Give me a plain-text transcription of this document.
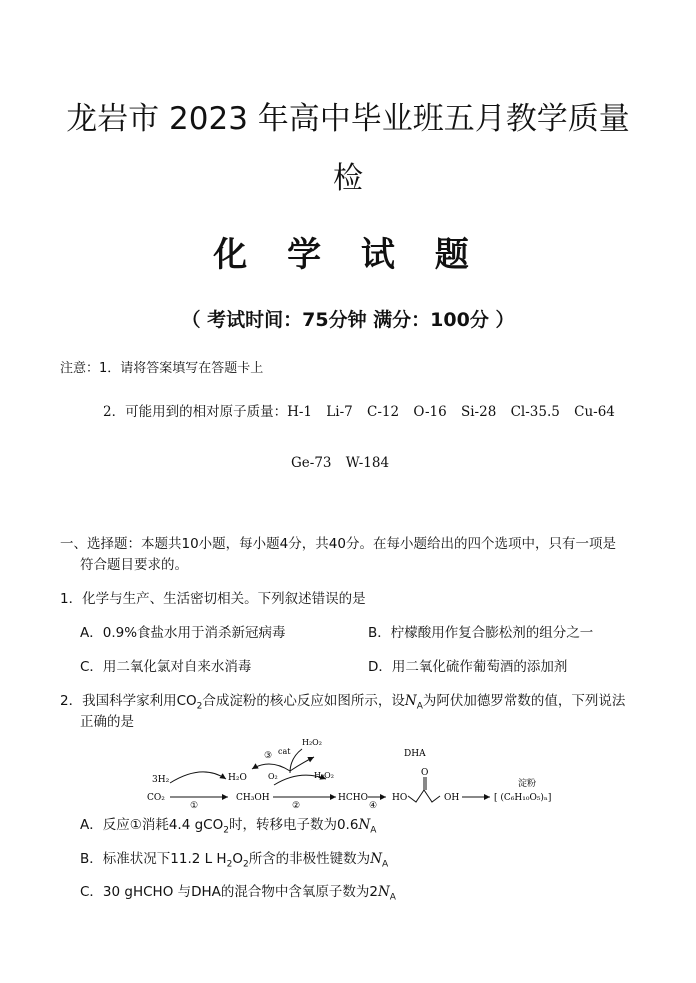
龙岩市 2023 年高中毕业班五月教学质量
检
化 学 试 题
（ 考试时间：75分钟 满分：100分 ）
注意：1．请将答案填写在答题卡上
2．可能用到的相对原子质量：H-1 Li-7 C-12 O-16 Si-28 Cl-35.5 Cu-64
Ge-73 W-184
一、选择题：本题共10小题，每小题4分，共40分。在每小题给出的四个选项中，只有一项是
符合题目要求的。
1．化学与生产、生活密切相关。下列叙述错误的是
A．0.9%食盐水用于消杀新冠病毒	B．柠檬酸用作复合膨松剂的组分之一
C．用二氧化氯对自来水消毒	D．用二氧化硫作葡萄酒的添加剂
2．我国科学家利用$CO_2$合成淀粉的核心反应如图所示，设$N_A$为阿伏加德罗常数的值，下列说法
正确的是
3H₂
CO₂
①
H₂O
CH₃OH
③ cat
H₂O₂
O₂
②
H₂O₂
HCHO
④
DHA
HO
O
OH
淀粉
[ (C₆H₁₀O₅)ₙ]
A．反应①消耗4.4 gCO$_2$时，转移电子数为$0.6N_A$
B．标准状况下11.2 L $H_2O_2$所含的非极性键数为$N_A$
C．30 gHCHO 与DHA的混合物中含氧原子数为$2N_A$
